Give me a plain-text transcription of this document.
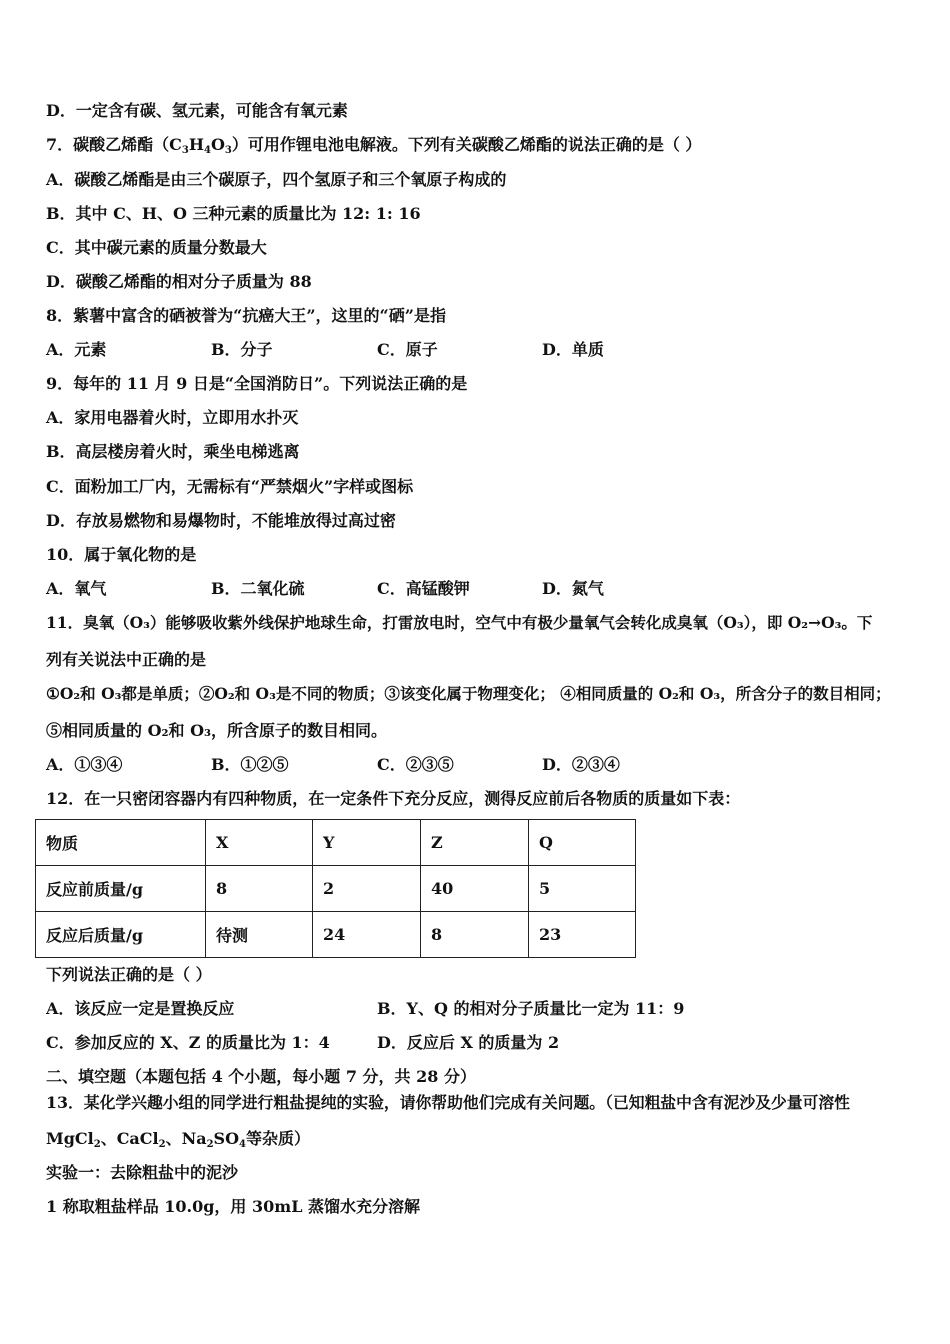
D．一定含有碳、氢元素，可能含有氧元素
7．碳酸乙烯酯$(C_3H_4O_3)$可用作锂电池电解液。下列有关碳酸乙烯酯的说法正确的是（ ）
A．碳酸乙烯酯是由三个碳原子，四个氢原子和三个氧原子构成的
B．其中 C、H、O 三种元素的质量比为 12: 1: 16
C．其中碳元素的质量分数最大
D．碳酸乙烯酯的相对分子质量为 88
8．紫薯中富含的硒被誉为“抗癌大王”，这里的“硒”是指
A．元素	B．分子	C．原子	D．单质
9．每年的 11 月 9 日是“全国消防日”。下列说法正确的是
A．家用电器着火时，立即用水扑灭
B．高层楼房着火时，乘坐电梯逃离
C．面粉加工厂内，无需标有“严禁烟火”字样或图标
D．存放易燃物和易爆物时，不能堆放得过高过密
10．属于氧化物的是
A．氧气	B．二氧化硫	C．高锰酸钾	D．氮气
11．臭氧（O₃）能够吸收紫外线保护地球生命，打雷放电时，空气中有极少量氧气会转化成臭氧（O₃），即 O₂→O₃。下
列有关说法中正确的是
①O₂和 O₃都是单质；②O₂和 O₃是不同的物质；③该变化属于物理变化； ④相同质量的 O₂和 O₃，所含分子的数目相同；
⑤相同质量的 O₂和 O₃，所含原子的数目相同。
A．①③④	B．①②⑤	C．②③⑤	D．②③④
12．在一只密闭容器内有四种物质，在一定条件下充分反应，测得反应前后各物质的质量如下表：
物质	X	Y	Z	Q
反应前质量/g	8	2	40	5
反应后质量/g	待测	24	8	23
下列说法正确的是（ ）
A．该反应一定是置换反应	B．Y、Q 的相对分子质量比一定为 11：9
C．参加反应的 X、Z 的质量比为 1：4	D．反应后 X 的质量为 2
二、填空题（本题包括 4 个小题，每小题 7 分，共 28 分）
13．某化学兴趣小组的同学进行粗盐提纯的实验，请你帮助他们完成有关问题。（已知粗盐中含有泥沙及少量可溶性
MgCl$_2$、CaCl$_2$、$Na_2SO_4$等杂质）
实验一：去除粗盐中的泥沙
1 称取粗盐样品 10.0g，用 30mL 蒸馏水充分溶解
